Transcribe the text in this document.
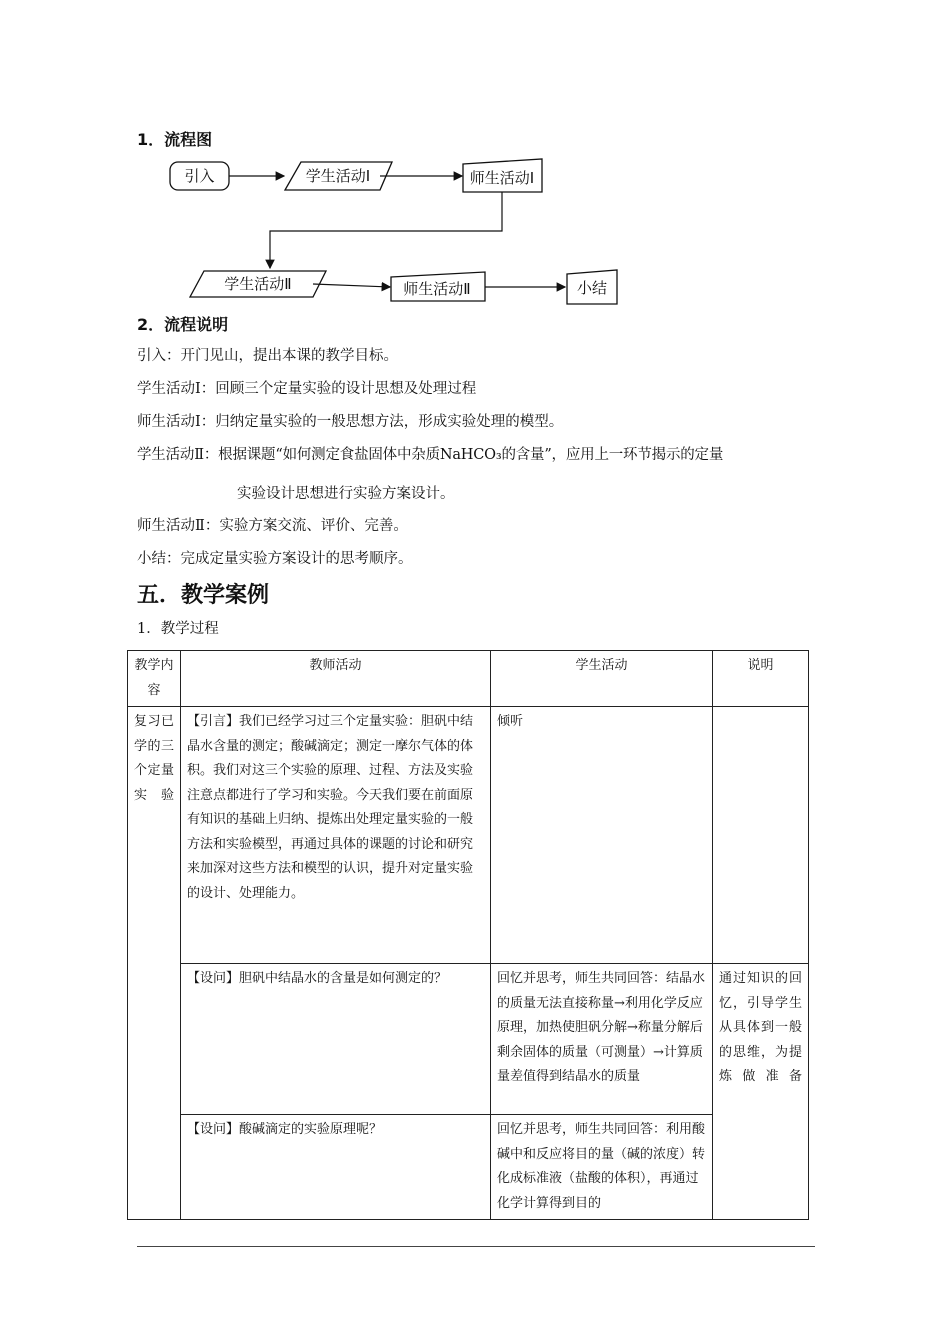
1．流程图
引入	学生活动Ⅰ	师生活动Ⅰ
学生活动Ⅱ	师生活动Ⅱ	小结
2．流程说明
引入：开门见山，提出本课的教学目标。
学生活动Ⅰ：回顾三个定量实验的设计思想及处理过程
师生活动Ⅰ：归纳定量实验的一般思想方法，形成实验处理的模型。
学生活动Ⅱ：根据课题“如何测定食盐固体中杂质NaHCO₃的含量”，应用上一环节揭示的定量
实验设计思想进行实验方案设计。
师生活动Ⅱ：实验方案交流、评价、完善。
小结：完成定量实验方案设计的思考顺序。
五．教学案例
1．教学过程
教学内容	教师活动	学生活动	说明
复习已学的三个定量实验	【引言】我们已经学习过三个定量实验：胆矾中结晶水含量的测定；酸碱滴定；测定一摩尔气体的体积。我们对这三个实验的原理、过程、方法及实验注意点都进行了学习和实验。今天我们要在前面原有知识的基础上归纳、提炼出处理定量实验的一般方法和实验模型，再通过具体的课题的讨论和研究来加深对这些方法和模型的认识，提升对定量实验的设计、处理能力。	倾听	
	【设问】胆矾中结晶水的含量是如何测定的？	回忆并思考，师生共同回答：结晶水的质量无法直接称量→利用化学反应原理，加热使胆矾分解→称量分解后剩余固体的质量（可测量）→计算质量差值得到结晶水的质量	通过知识的回忆，引导学生从具体到一般的思维，为提炼做准备
	【设问】酸碱滴定的实验原理呢？	回忆并思考，师生共同回答：利用酸碱中和反应将目的量（碱的浓度）转化成标准液（盐酸的体积），再通过化学计算得到目的	
